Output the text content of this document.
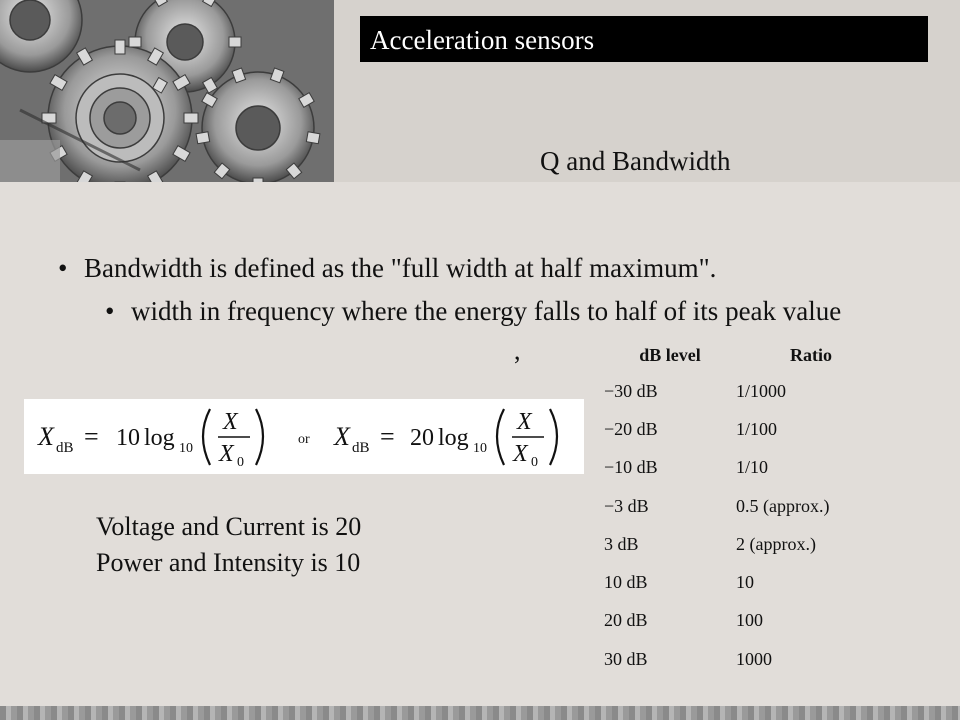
Acceleration sensors
Q and Bandwidth
• Bandwidth is defined as the "full width at half maximum".
• width in frequency where the energy falls to half of its peak value
,
X dB = 10 log 10
X
X 0
or X dB = 20 log 10
X
X 0
Voltage and Current is 20
Power and Intensity is 10
dB level	Ratio
−30 dB	1/1000
−20 dB	1/100
−10 dB	1/10
−3 dB	0.5 (approx.)
3 dB	2 (approx.)
10 dB	10
20 dB	100
30 dB	1000
